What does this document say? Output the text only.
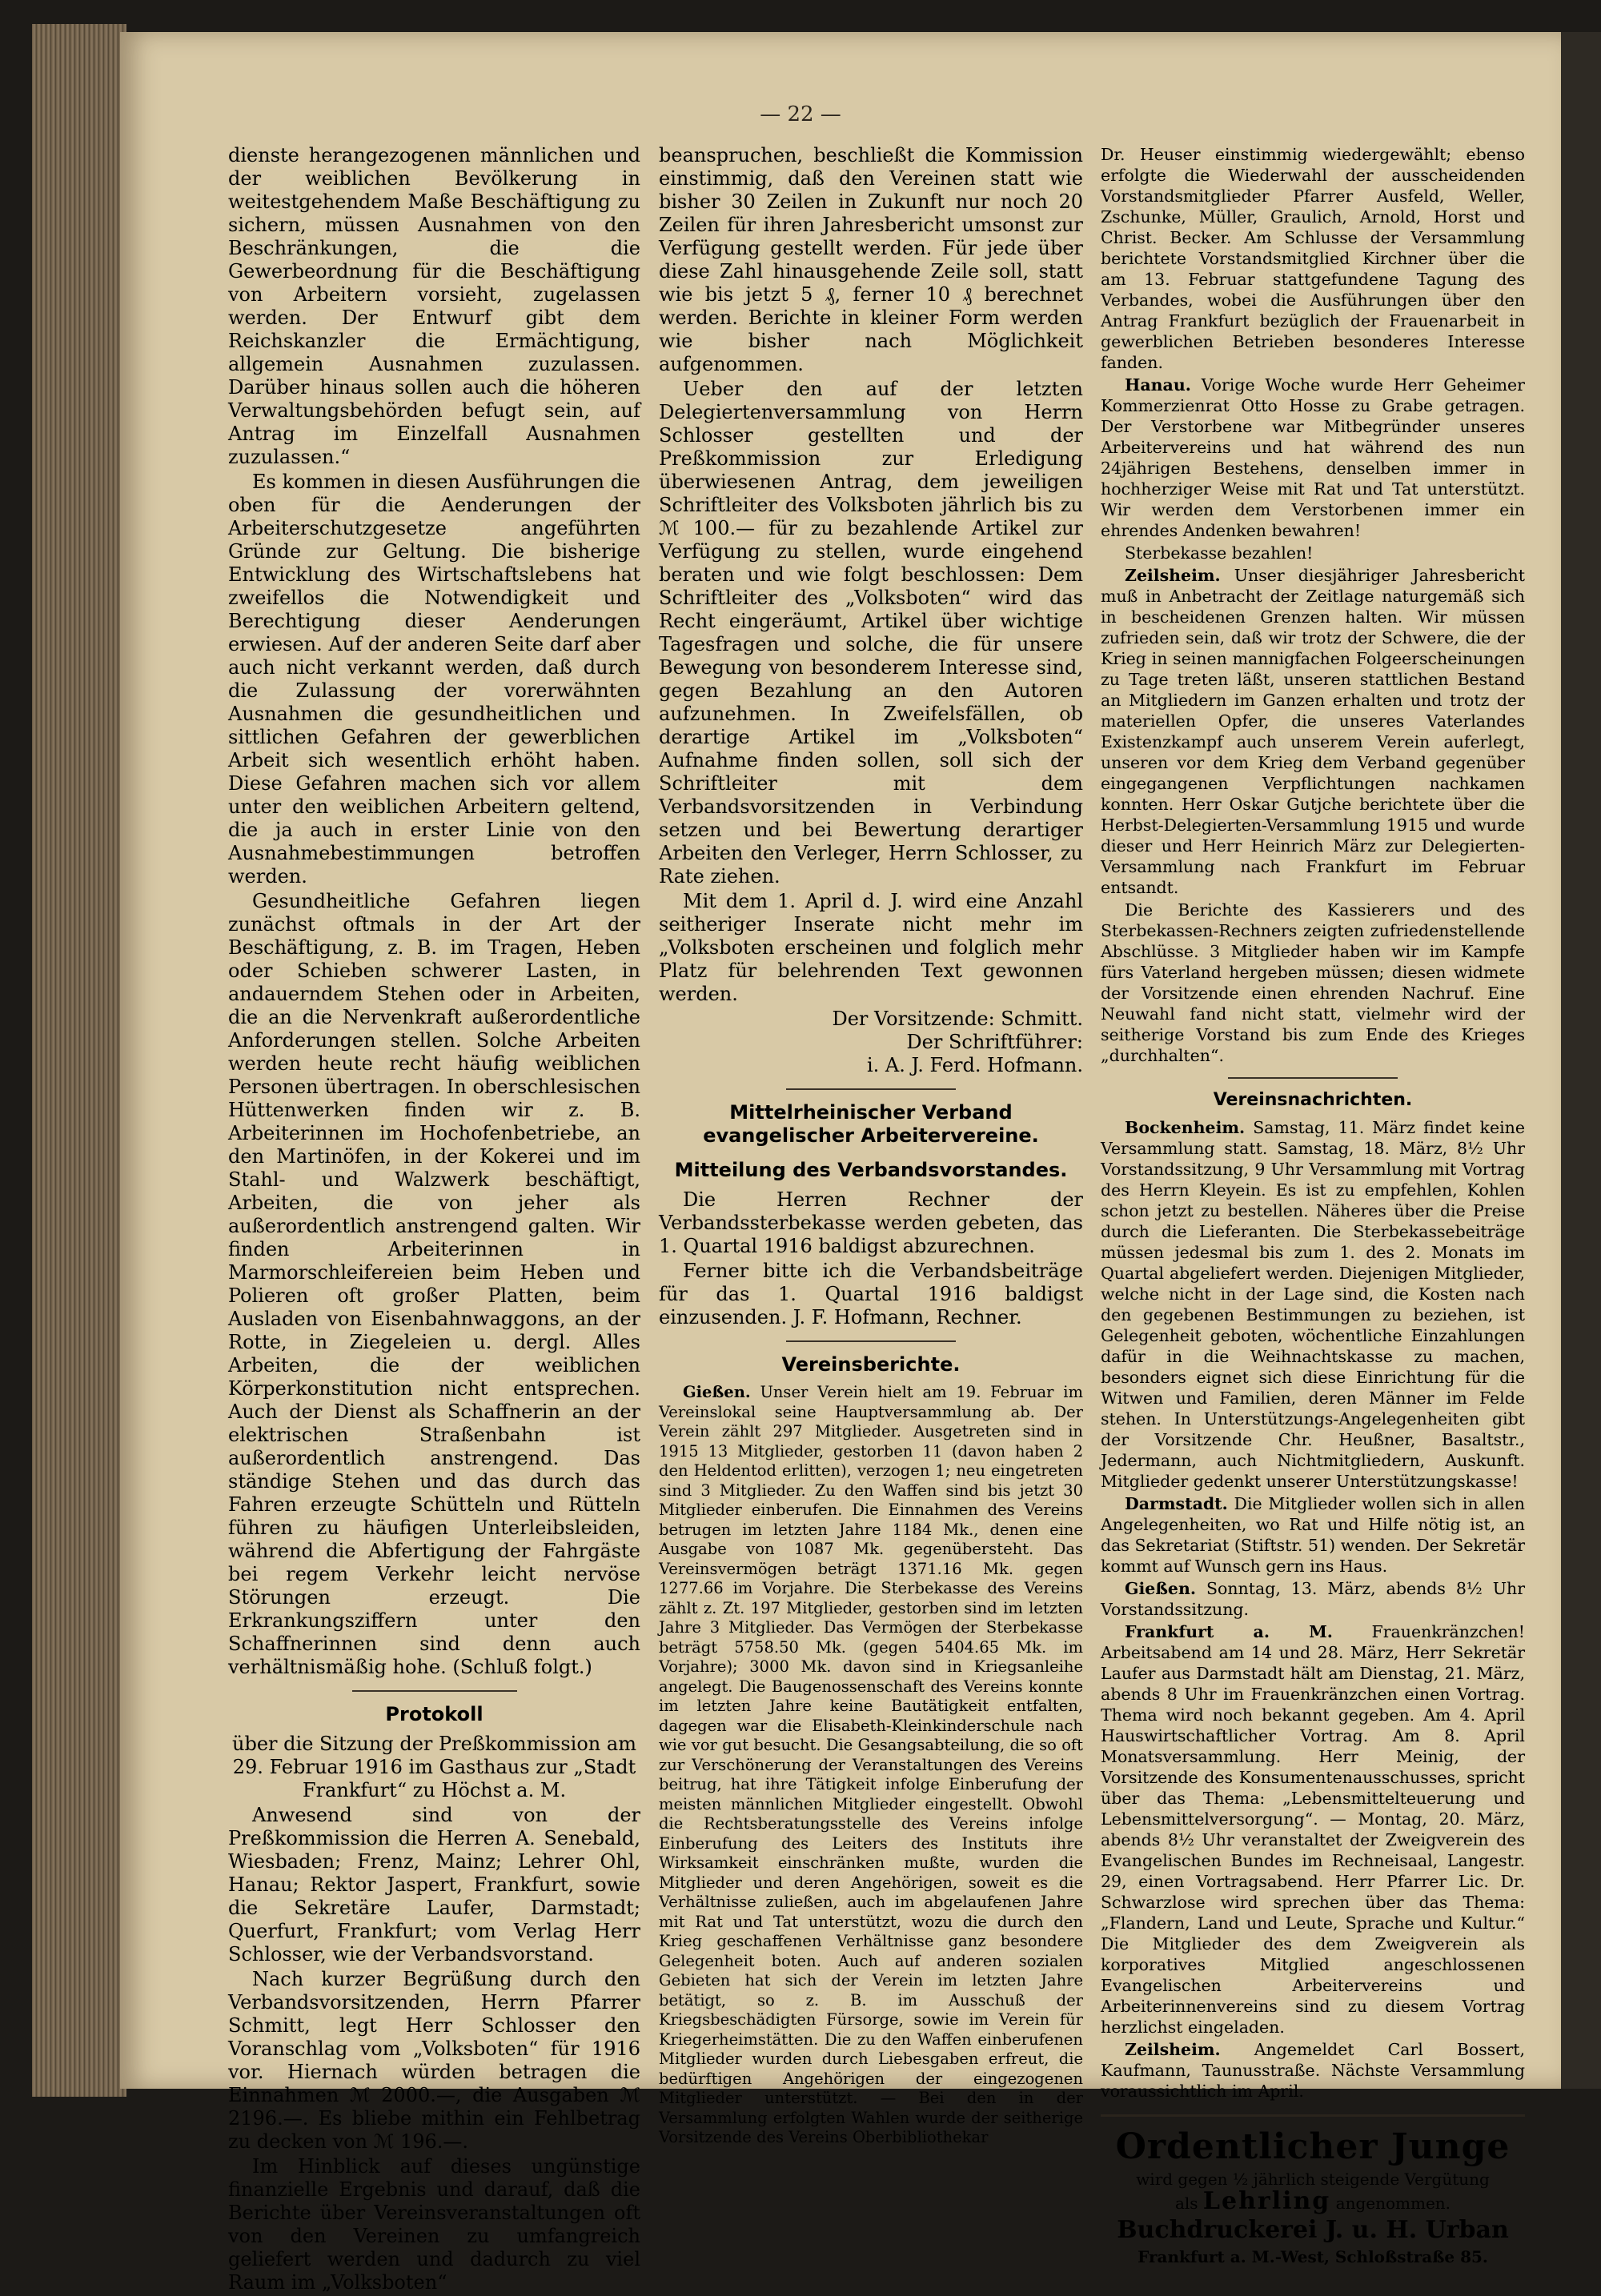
— 22 —

dienste herangezogenen männlichen und der weiblichen Bevölkerung in weitestgehendem Maße Beschäftigung zu sichern, müssen Ausnahmen von den Beschränkungen, die die Gewerbeordnung für die Beschäftigung von Arbeitern vorsieht, zugelassen werden. Der Entwurf gibt dem Reichskanzler die Ermächtigung, allgemein Ausnahmen zuzulassen. Darüber hinaus sollen auch die höheren Verwaltungsbehörden befugt sein, auf Antrag im Einzelfall Ausnahmen zuzulassen.“

Es kommen in diesen Ausführungen die oben für die Aenderungen der Arbeiterschutzgesetze angeführten Gründe zur Geltung. Die bisherige Entwicklung des Wirtschaftslebens hat zweifellos die Notwendigkeit und Berechtigung dieser Aenderungen erwiesen. Auf der anderen Seite darf aber auch nicht verkannt werden, daß durch die Zulassung der vorerwähnten Ausnahmen die gesundheitlichen und sittlichen Gefahren der gewerblichen Arbeit sich wesentlich erhöht haben. Diese Gefahren machen sich vor allem unter den weiblichen Arbeitern geltend, die ja auch in erster Linie von den Ausnahmebestimmungen betroffen werden.

Gesundheitliche Gefahren liegen zunächst oftmals in der Art der Beschäftigung, z. B. im Tragen, Heben oder Schieben schwerer Lasten, in andauerndem Stehen oder in Arbeiten, die an die Nervenkraft außerordentliche Anforderungen stellen. Solche Arbeiten werden heute recht häufig weiblichen Personen übertragen. In oberschlesischen Hüttenwerken finden wir z. B. Arbeiterinnen im Hochofenbetriebe, an den Martinöfen, in der Kokerei und im Stahl- und Walzwerk beschäftigt, Arbeiten, die von jeher als außerordentlich anstrengend galten. Wir finden Arbeiterinnen in Marmorschleifereien beim Heben und Polieren oft großer Platten, beim Ausladen von Eisenbahnwaggons, an der Rotte, in Ziegeleien u. dergl. Alles Arbeiten, die der weiblichen Körperkonstitution nicht entsprechen. Auch der Dienst als Schaffnerin an der elektrischen Straßenbahn ist außerordentlich anstrengend. Das ständige Stehen und das durch das Fahren erzeugte Schütteln und Rütteln führen zu häufigen Unterleibsleiden, während die Abfertigung der Fahrgäste bei regem Verkehr leicht nervöse Störungen erzeugt. Die Erkrankungsziffern unter den Schaffnerinnen sind denn auch verhältnismäßig hohe. (Schluß folgt.)

Protokoll

über die Sitzung der Preßkommission am 29. Februar 1916 im Gasthaus zur „Stadt Frankfurt“ zu Höchst a. M.

Anwesend sind von der Preßkommission die Herren A. Senebald, Wiesbaden; Frenz, Mainz; Lehrer Ohl, Hanau; Rektor Jaspert, Frankfurt, sowie die Sekretäre Laufer, Darmstadt; Querfurt, Frankfurt; vom Verlag Herr Schlosser, wie der Verbandsvorstand.

Nach kurzer Begrüßung durch den Verbandsvorsitzenden, Herrn Pfarrer Schmitt, legt Herr Schlosser den Voranschlag vom „Volksboten“ für 1916 vor. Hiernach würden betragen die Einnahmen ℳ 2000.—, die Ausgaben ℳ 2196.—. Es bliebe mithin ein Fehlbetrag zu decken von ℳ 196.—.

Im Hinblick auf dieses ungünstige finanzielle Ergebnis und darauf, daß die Berichte über Vereinsveranstaltungen oft von den Vereinen zu umfangreich geliefert werden und dadurch zu viel Raum im „Volksboten“

beanspruchen, beschließt die Kommission einstimmig, daß den Vereinen statt wie bisher 30 Zeilen in Zukunft nur noch 20 Zeilen für ihren Jahresbericht umsonst zur Verfügung gestellt werden. Für jede über diese Zahl hinausgehende Zeile soll, statt wie bis jetzt 5 ₰, ferner 10 ₰ berechnet werden. Berichte in kleiner Form werden wie bisher nach Möglichkeit aufgenommen.

Ueber den auf der letzten Delegiertenversammlung von Herrn Schlosser gestellten und der Preßkommission zur Erledigung überwiesenen Antrag, dem jeweiligen Schriftleiter des Volksboten jährlich bis zu ℳ 100.— für zu bezahlende Artikel zur Verfügung zu stellen, wurde eingehend beraten und wie folgt beschlossen: Dem Schriftleiter des „Volksboten“ wird das Recht eingeräumt, Artikel über wichtige Tagesfragen und solche, die für unsere Bewegung von besonderem Interesse sind, gegen Bezahlung an den Autoren aufzunehmen. In Zweifelsfällen, ob derartige Artikel im „Volksboten“ Aufnahme finden sollen, soll sich der Schriftleiter mit dem Verbandsvorsitzenden in Verbindung setzen und bei Bewertung derartiger Arbeiten den Verleger, Herrn Schlosser, zu Rate ziehen.

Mit dem 1. April d. J. wird eine Anzahl seitheriger Inserate nicht mehr im „Volksboten erscheinen und folglich mehr Platz für belehrenden Text gewonnen werden.

Der Vorsitzende: Schmitt.

Der Schriftführer:

i. A. J. Ferd. Hofmann.

Mittelrheinischer Verband evangelischer Arbeitervereine.
Mitteilung des Verbandsvorstandes.

Die Herren Rechner der Verbandssterbekasse werden gebeten, das 1. Quartal 1916 baldigst abzurechnen.

Ferner bitte ich die Verbandsbeiträge für das 1. Quartal 1916 baldigst einzusenden. J. F. Hofmann, Rechner.

Vereinsberichte.

Gießen. Unser Verein hielt am 19. Februar im Vereinslokal seine Hauptversammlung ab. Der Verein zählt 297 Mitglieder. Ausgetreten sind in 1915 13 Mitglieder, gestorben 11 (davon haben 2 den Heldentod erlitten), verzogen 1; neu eingetreten sind 3 Mitglieder. Zu den Waffen sind bis jetzt 30 Mitglieder einberufen. Die Einnahmen des Vereins betrugen im letzten Jahre 1184 Mk., denen eine Ausgabe von 1087 Mk. gegenübersteht. Das Vereinsvermögen beträgt 1371.16 Mk. gegen 1277.66 im Vorjahre. Die Sterbekasse des Vereins zählt z. Zt. 197 Mitglieder, gestorben sind im letzten Jahre 3 Mitglieder. Das Vermögen der Sterbekasse beträgt 5758.50 Mk. (gegen 5404.65 Mk. im Vorjahre); 3000 Mk. davon sind in Kriegsanleihe angelegt. Die Baugenossenschaft des Vereins konnte im letzten Jahre keine Bautätigkeit entfalten, dagegen war die Elisabeth-Kleinkinderschule nach wie vor gut besucht. Die Gesangsabteilung, die so oft zur Verschönerung der Veranstaltungen des Vereins beitrug, hat ihre Tätigkeit infolge Einberufung der meisten männlichen Mitglieder eingestellt. Obwohl die Rechtsberatungsstelle des Vereins infolge Einberufung des Leiters des Instituts ihre Wirksamkeit einschränken mußte, wurden die Mitglieder und deren Angehörigen, soweit es die Verhältnisse zuließen, auch im abgelaufenen Jahre mit Rat und Tat unterstützt, wozu die durch den Krieg geschaffenen Verhältnisse ganz besondere Gelegenheit boten. Auch auf anderen sozialen Gebieten hat sich der Verein im letzten Jahre betätigt, so z. B. im Ausschuß der Kriegsbeschädigten Fürsorge, sowie im Verein für Kriegerheimstätten. Die zu den Waffen einberufenen Mitglieder wurden durch Liebesgaben erfreut, die bedürftigen Angehörigen der eingezogenen Mitglieder unterstützt. — Bei den in der Versammlung erfolgten Wahlen wurde der seitherige Vorsitzende des Vereins Oberbibliothekar

Dr. Heuser einstimmig wiedergewählt; ebenso erfolgte die Wiederwahl der ausscheidenden Vorstandsmitglieder Pfarrer Ausfeld, Weller, Zschunke, Müller, Graulich, Arnold, Horst und Christ. Becker. Am Schlusse der Versammlung berichtete Vorstandsmitglied Kirchner über die am 13. Februar stattgefundene Tagung des Verbandes, wobei die Ausführungen über den Antrag Frankfurt bezüglich der Frauenarbeit in gewerblichen Betrieben besonderes Interesse fanden.

Hanau. Vorige Woche wurde Herr Geheimer Kommerzienrat Otto Hosse zu Grabe getragen. Der Verstorbene war Mitbegründer unseres Arbeitervereins und hat während des nun 24jährigen Bestehens, denselben immer in hochherziger Weise mit Rat und Tat unterstützt. Wir werden dem Verstorbenen immer ein ehrendes Andenken bewahren!

Sterbekasse bezahlen!

Zeilsheim. Unser diesjähriger Jahresbericht muß in Anbetracht der Zeitlage naturgemäß sich in bescheidenen Grenzen halten. Wir müssen zufrieden sein, daß wir trotz der Schwere, die der Krieg in seinen mannigfachen Folgeerscheinungen zu Tage treten läßt, unseren stattlichen Bestand an Mitgliedern im Ganzen erhalten und trotz der materiellen Opfer, die unseres Vaterlandes Existenzkampf auch unserem Verein auferlegt, unseren vor dem Krieg dem Verband gegenüber eingegangenen Verpflichtungen nachkamen konnten. Herr Oskar Gutjche berichtete über die Herbst-Delegierten-Versammlung 1915 und wurde dieser und Herr Heinrich März zur Delegierten-Versammlung nach Frankfurt im Februar entsandt.

Die Berichte des Kassierers und des Sterbekassen-Rechners zeigten zufriedenstellende Abschlüsse. 3 Mitglieder haben wir im Kampfe fürs Vaterland hergeben müssen; diesen widmete der Vorsitzende einen ehrenden Nachruf. Eine Neuwahl fand nicht statt, vielmehr wird der seitherige Vorstand bis zum Ende des Krieges „durchhalten“.

Vereinsnachrichten.

Bockenheim. Samstag, 11. März findet keine Versammlung statt. Samstag, 18. März, 8½ Uhr Vorstandssitzung, 9 Uhr Versammlung mit Vortrag des Herrn Kleyein. Es ist zu empfehlen, Kohlen schon jetzt zu bestellen. Näheres über die Preise durch die Lieferanten. Die Sterbekassebeiträge müssen jedesmal bis zum 1. des 2. Monats im Quartal abgeliefert werden. Diejenigen Mitglieder, welche nicht in der Lage sind, die Kosten nach den gegebenen Bestimmungen zu beziehen, ist Gelegenheit geboten, wöchentliche Einzahlungen dafür in die Weihnachtskasse zu machen, besonders eignet sich diese Einrichtung für die Witwen und Familien, deren Männer im Felde stehen. In Unterstützungs-Angelegenheiten gibt der Vorsitzende Chr. Heußner, Basaltstr., Jedermann, auch Nichtmitgliedern, Auskunft. Mitglieder gedenkt unserer Unterstützungskasse!

Darmstadt. Die Mitglieder wollen sich in allen Angelegenheiten, wo Rat und Hilfe nötig ist, an das Sekretariat (Stiftstr. 51) wenden. Der Sekretär kommt auf Wunsch gern ins Haus.

Gießen. Sonntag, 13. März, abends 8½ Uhr Vorstandssitzung.

Frankfurt a. M. Frauenkränzchen! Arbeitsabend am 14 und 28. März, Herr Sekretär Laufer aus Darmstadt hält am Dienstag, 21. März, abends 8 Uhr im Frauenkränzchen einen Vortrag. Thema wird noch bekannt gegeben. Am 4. April Hauswirtschaftlicher Vortrag. Am 8. April Monatsversammlung. Herr Meinig, der Vorsitzende des Konsumentenausschusses, spricht über das Thema: „Lebensmittelteuerung und Lebensmittelversorgung“. — Montag, 20. März, abends 8½ Uhr veranstaltet der Zweigverein des Evangelischen Bundes im Rechneisaal, Langestr. 29, einen Vortragsabend. Herr Pfarrer Lic. Dr. Schwarzlose wird sprechen über das Thema: „Flandern, Land und Leute, Sprache und Kultur.“ Die Mitglieder des dem Zweigverein als korporatives Mitglied angeschlossenen Evangelischen Arbeitervereins und Arbeiterinnenvereins sind zu diesem Vortrag herzlichst eingeladen.

Zeilsheim. Angemeldet Carl Bossert, Kaufmann, Taunusstraße. Nächste Versammlung voraussichtlich im April.

Ordentlicher Junge
wird gegen ½ jährlich steigende Vergütung
als Lehrling angenommen.
Buchdruckerei J. u. H. Urban
Frankfurt a. M.-West, Schloßstraße 85.
